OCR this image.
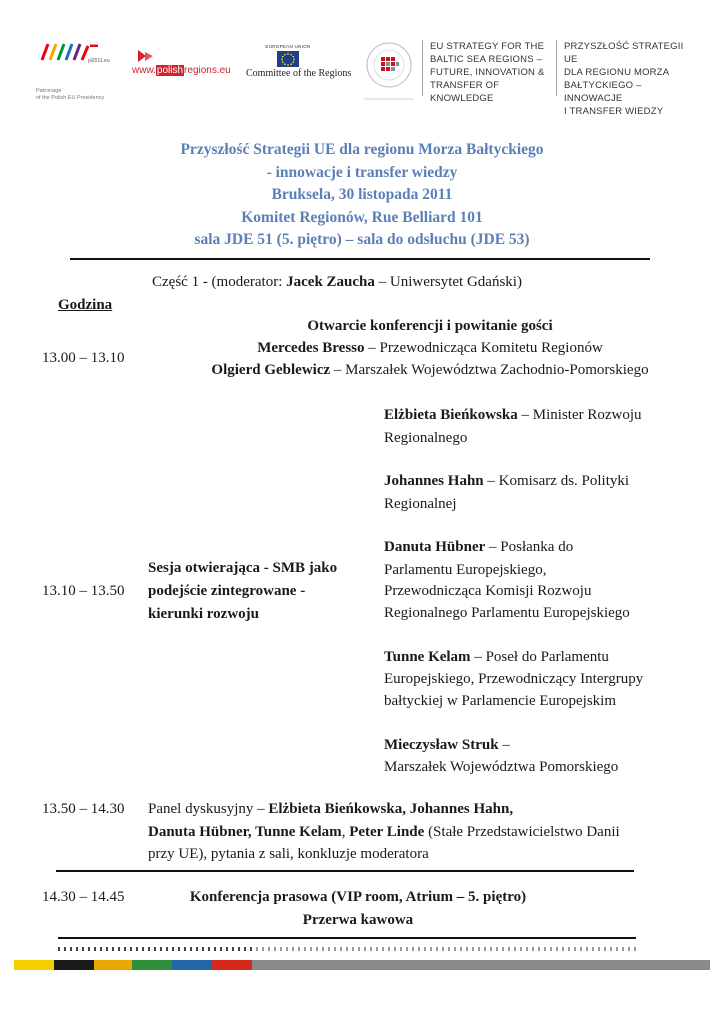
pl2011.eu
Patronage
of the Polish EU Presidency
www.polishregions.eu
EUROPEAN UNION
Committee of the Regions
EU STRATEGY FOR THE
BALTIC SEA REGIONS –
FUTURE, INNOVATION &
TRANSFER OF KNOWLEDGE
PRZYSZŁOŚĆ STRATEGII UE
DLA REGIONU MORZA
BAŁTYCKIEGO – INNOWACJE
I TRANSFER WIEDZY
Przyszłość Strategii UE dla regionu Morza Bałtyckiego
- innowacje i transfer wiedzy
Bruksela, 30 listopada 2011
Komitet Regionów, Rue Belliard 101
sala JDE 51 (5. piętro) – sala do odsłuchu (JDE 53)
Część 1 - (moderator: Jacek Zaucha – Uniwersytet Gdański)
Godzina
13.00 – 13.10
Otwarcie konferencji i powitanie gości
Mercedes Bresso – Przewodnicząca Komitetu Regionów
Olgierd Geblewicz – Marszałek Województwa Zachodnio-Pomorskiego
13.10 – 13.50
Sesja otwierająca - SMB jako
podejście zintegrowane -
kierunki rozwoju
Elżbieta Bieńkowska – Minister Rozwoju
Regionalnego
Johannes Hahn – Komisarz ds. Polityki
Regionalnej
Danuta Hübner – Posłanka do
Parlamentu Europejskiego,
Przewodnicząca Komisji Rozwoju
Regionalnego Parlamentu Europejskiego
Tunne Kelam – Poseł do Parlamentu
Europejskiego, Przewodniczący Intergrupy
bałtyckiej w Parlamencie Europejskim
Mieczysław Struk –
Marszałek Województwa Pomorskiego
13.50 – 14.30 Panel dyskusyjny – Elżbieta Bieńkowska, Johannes Hahn,
Danuta Hübner, Tunne Kelam, Peter Linde (Stałe Przedstawicielstwo Danii
przy UE), pytania z sali, konkluzje moderatora
14.30 – 14.45	Konferencja prasowa (VIP room, Atrium – 5. piętro)
Przerwa kawowa
